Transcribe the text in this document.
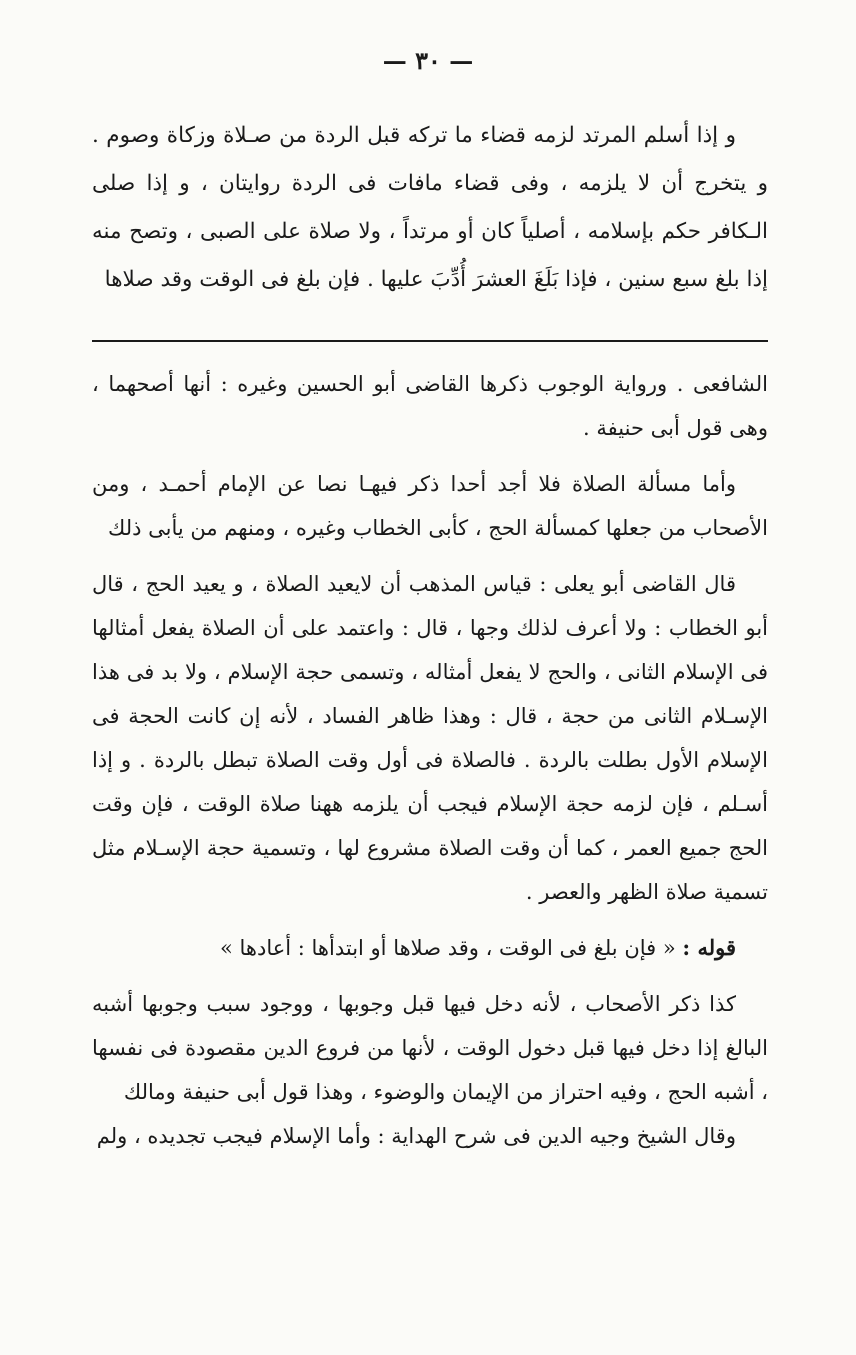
— ٣٠ —

و إذا أسلم المرتد لزمه قضاء ما تركه قبل الردة من صـلاة وزكاة وصوم . و يتخرج أن لا يلزمه ، وفى قضاء مافات فى الردة روايتان ، و إذا صلى الـكافر حكم بإسلامه ، أصلياً كان أو مرتداً ، ولا صلاة على الصبى ، وتصح منه إذا بلغ سبع سنين ، فإذا بَلَغَ العشرَ أُدِّبَ عليها . فإن بلغ فى الوقت وقد صلاها

الشافعى . ورواية الوجوب ذكرها القاضى أبو الحسين وغيره : أنها أصحهما ، وهى قول أبى حنيفة .

وأما مسألة الصلاة فلا أجد أحدا ذكر فيهـا نصا عن الإمام أحمـد ، ومن الأصحاب من جعلها كمسألة الحج ، كأبى الخطاب وغيره ، ومنهم من يأبى ذلك

قال القاضى أبو يعلى : قياس المذهب أن لايعيد الصلاة ، و يعيد الحج ، قال أبو الخطاب : ولا أعرف لذلك وجها ، قال : واعتمد على أن الصلاة يفعل أمثالها فى الإسلام الثانى ، والحج لا يفعل أمثاله ، وتسمى حجة الإسلام ، ولا بد فى هذا الإسـلام الثانى من حجة ، قال : وهذا ظاهر الفساد ، لأنه إن كانت الحجة فى الإسلام الأول بطلت بالردة . فالصلاة فى أول وقت الصلاة تبطل بالردة . و إذا أسـلم ، فإن لزمه حجة الإسلام فيجب أن يلزمه ههنا صلاة الوقت ، فإن وقت الحج جميع العمر ، كما أن وقت الصلاة مشروع لها ، وتسمية حجة الإسـلام مثل تسمية صلاة الظهر والعصر .

قوله : « فإن بلغ فى الوقت ، وقد صلاها أو ابتدأها : أعادها »

كذا ذكر الأصحاب ، لأنه دخل فيها قبل وجوبها ، ووجود سبب وجوبها أشبه البالغ إذا دخل فيها قبل دخول الوقت ، لأنها من فروع الدين مقصودة فى نفسها ، أشبه الحج ، وفيه احتراز من الإيمان والوضوء ، وهذا قول أبى حنيفة ومالك

وقال الشيخ وجيه الدين فى شرح الهداية : وأما الإسلام فيجب تجديده ، ولم
